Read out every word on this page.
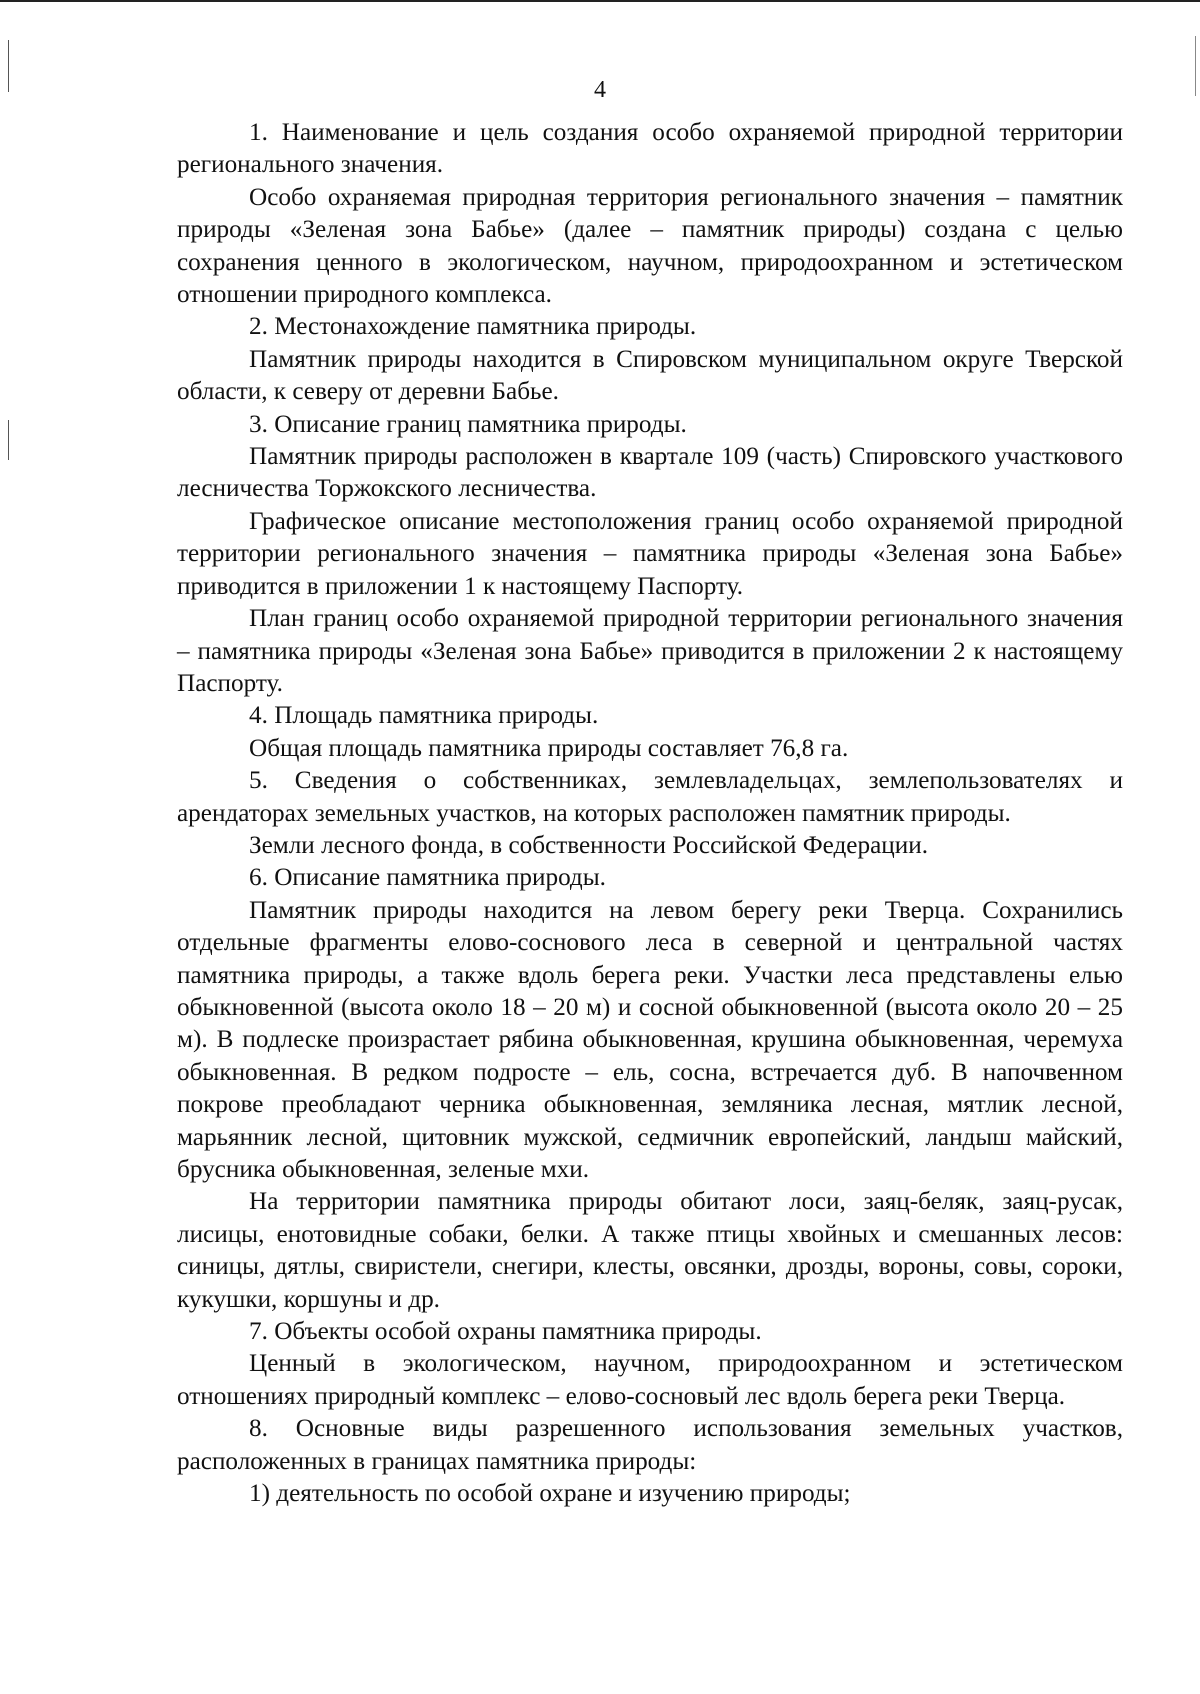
4

1. Наименование и цель создания особо охраняемой природной территории регионального значения.

Особо охраняемая природная территория регионального значения – памятник природы «Зеленая зона Бабье» (далее – памятник природы) создана с целью сохранения ценного в экологическом, научном, природоохранном и эстетическом отношении природного комплекса.

2. Местонахождение памятника природы.

Памятник природы находится в Спировском муниципальном округе Тверской области, к северу от деревни Бабье.

3. Описание границ памятника природы.

Памятник природы расположен в квартале 109 (часть) Спировского участкового лесничества Торжокского лесничества.

Графическое описание местоположения границ особо охраняемой природной территории регионального значения – памятника природы «Зеленая зона Бабье» приводится в приложении 1 к настоящему Паспорту.

План границ особо охраняемой природной территории регионального значения – памятника природы «Зеленая зона Бабье» приводится в приложении 2 к настоящему Паспорту.

4. Площадь памятника природы.

Общая площадь памятника природы составляет 76,8 га.

5. Сведения о собственниках, землевладельцах, землепользователях и арендаторах земельных участков, на которых расположен памятник природы.

Земли лесного фонда, в собственности Российской Федерации.

6. Описание памятника природы.

Памятник природы находится на левом берегу реки Тверца. Сохранились отдельные фрагменты елово-соснового леса в северной и центральной частях памятника природы, а также вдоль берега реки. Участки леса представлены елью обыкновенной (высота около 18 – 20 м) и сосной обыкновенной (высота около 20 – 25 м). В подлеске произрастает рябина обыкновенная, крушина обыкновенная, черемуха обыкновенная. В редком подросте – ель, сосна, встречается дуб. В напочвенном покрове преобладают черника обыкновенная, земляника лесная, мятлик лесной, марьянник лесной, щитовник мужской, седмичник европейский, ландыш майский, брусника обыкновенная, зеленые мхи.

На территории памятника природы обитают лоси, заяц-беляк, заяц-русак, лисицы, енотовидные собаки, белки. А также птицы хвойных и смешанных лесов: синицы, дятлы, свиристели, снегири, клесты, овсянки, дрозды, вороны, совы, сороки, кукушки, коршуны и др.

7. Объекты особой охраны памятника природы.

Ценный в экологическом, научном, природоохранном и эстетическом отношениях природный комплекс – елово-сосновый лес вдоль берега реки Тверца.

8. Основные виды разрешенного использования земельных участков, расположенных в границах памятника природы:

1) деятельность по особой охране и изучению природы;
